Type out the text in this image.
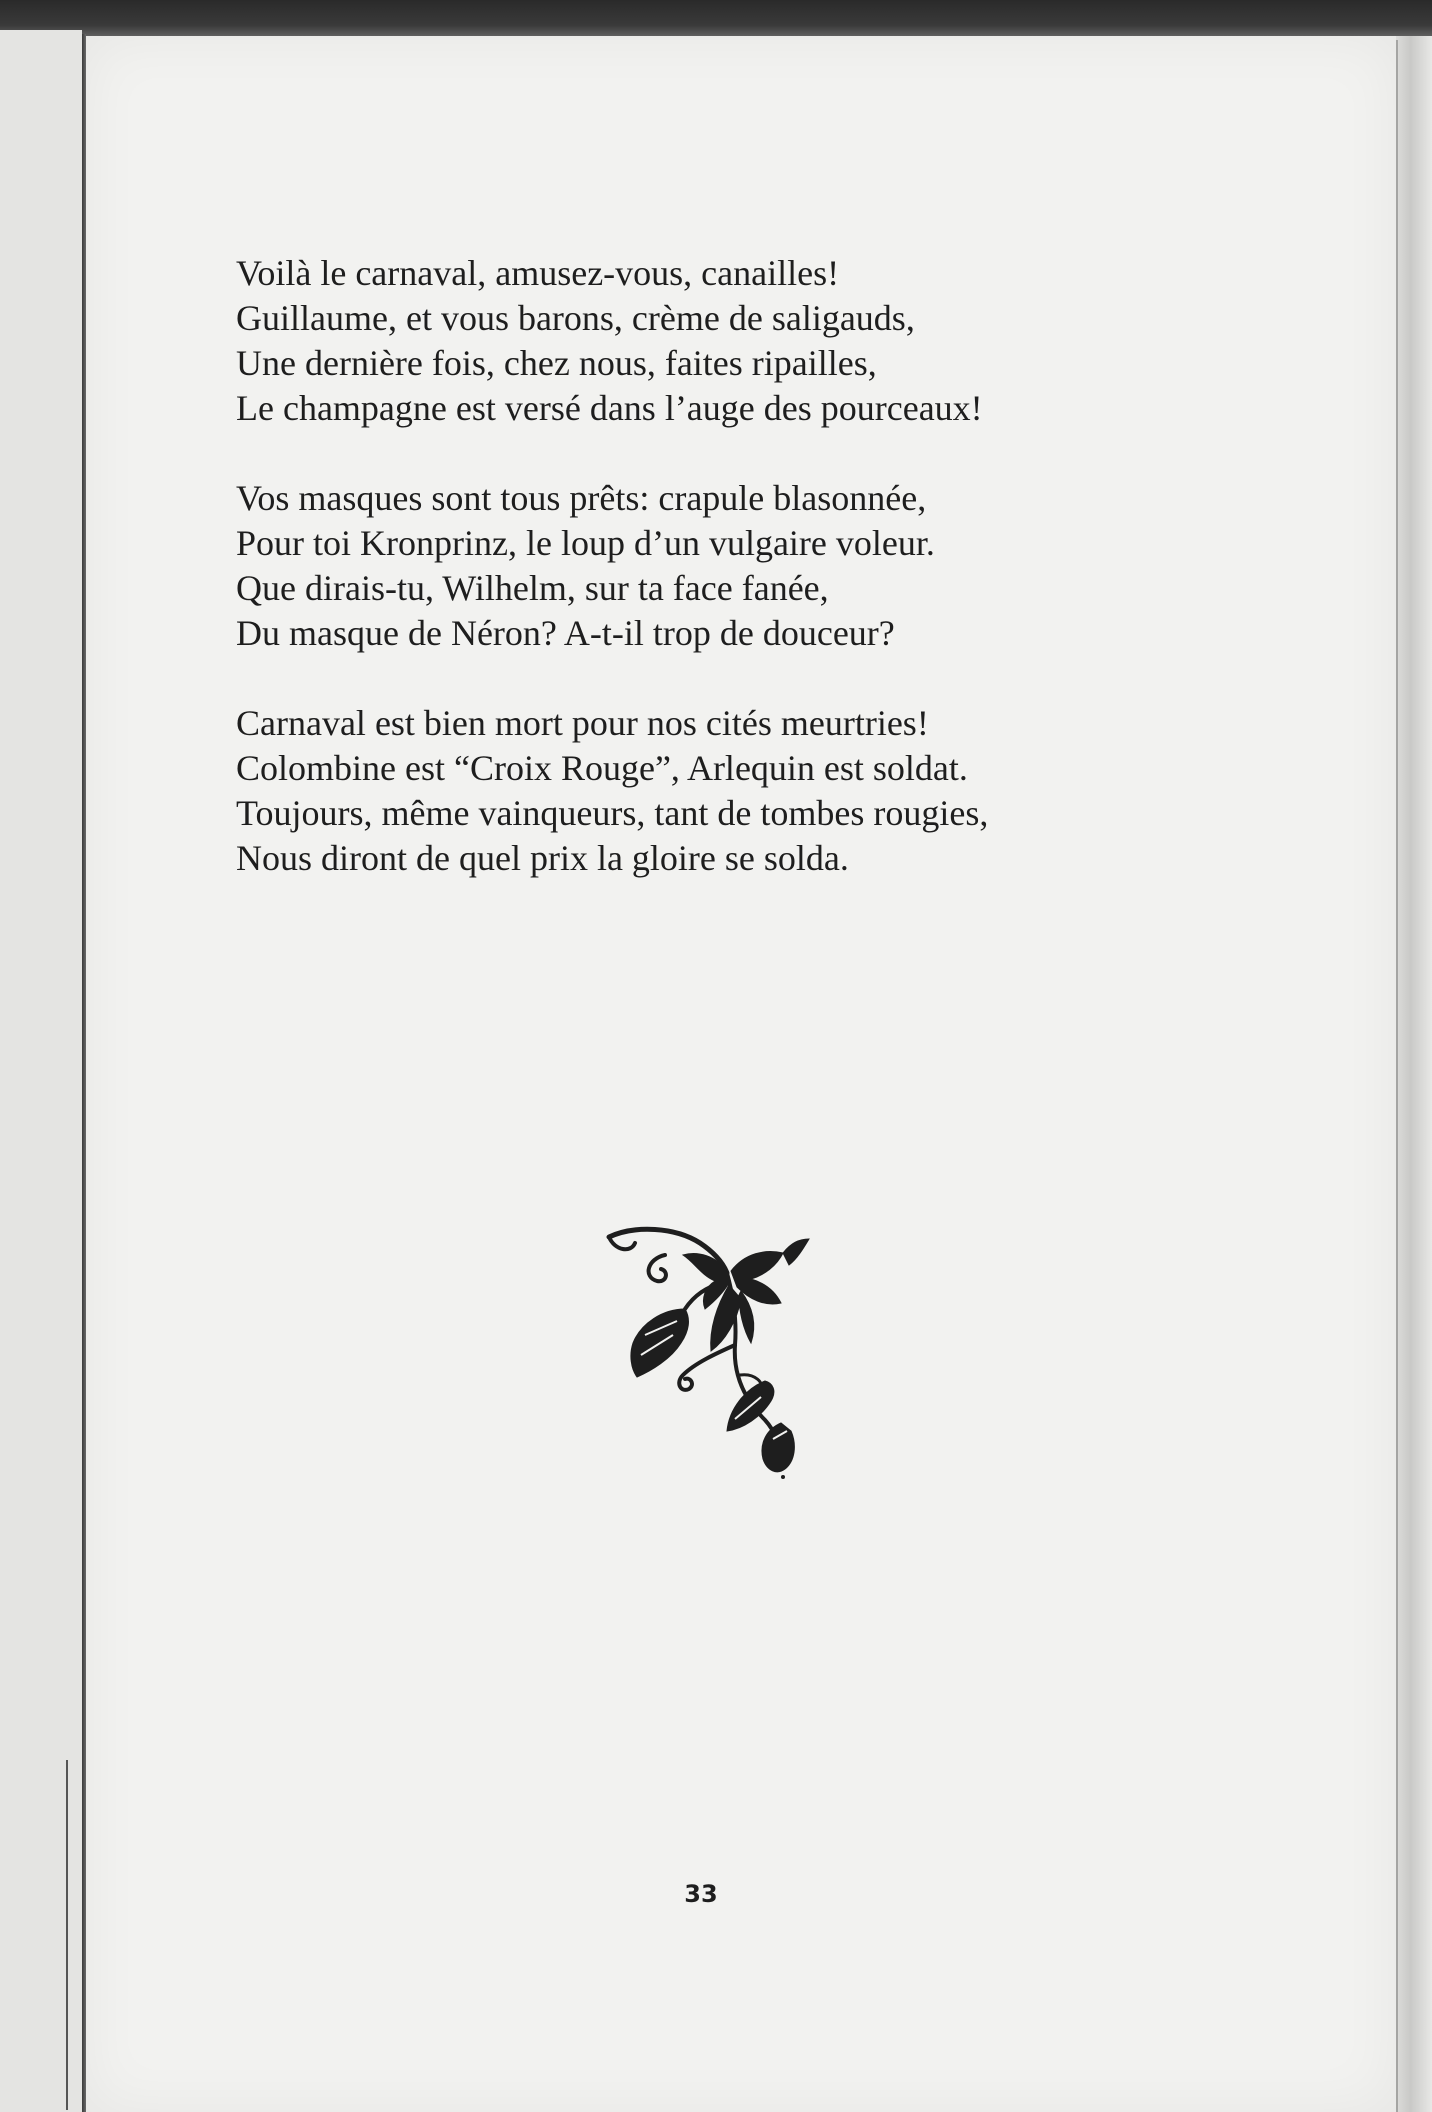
Voilà le carnaval, amusez-vous, canailles!
Guillaume, et vous barons, crème de saligauds,
Une dernière fois, chez nous, faites ripailles,
Le champagne est versé dans l’auge des pourceaux!
Vos masques sont tous prêts: crapule blasonnée,
Pour toi Kronprinz, le loup d’un vulgaire voleur.
Que dirais-tu, Wilhelm, sur ta face fanée,
Du masque de Néron? A-t-il trop de douceur?
Carnaval est bien mort pour nos cités meurtries!
Colombine est “Croix Rouge”, Arlequin est soldat.
Toujours, même vainqueurs, tant de tombes rougies,
Nous diront de quel prix la gloire se solda.
33
